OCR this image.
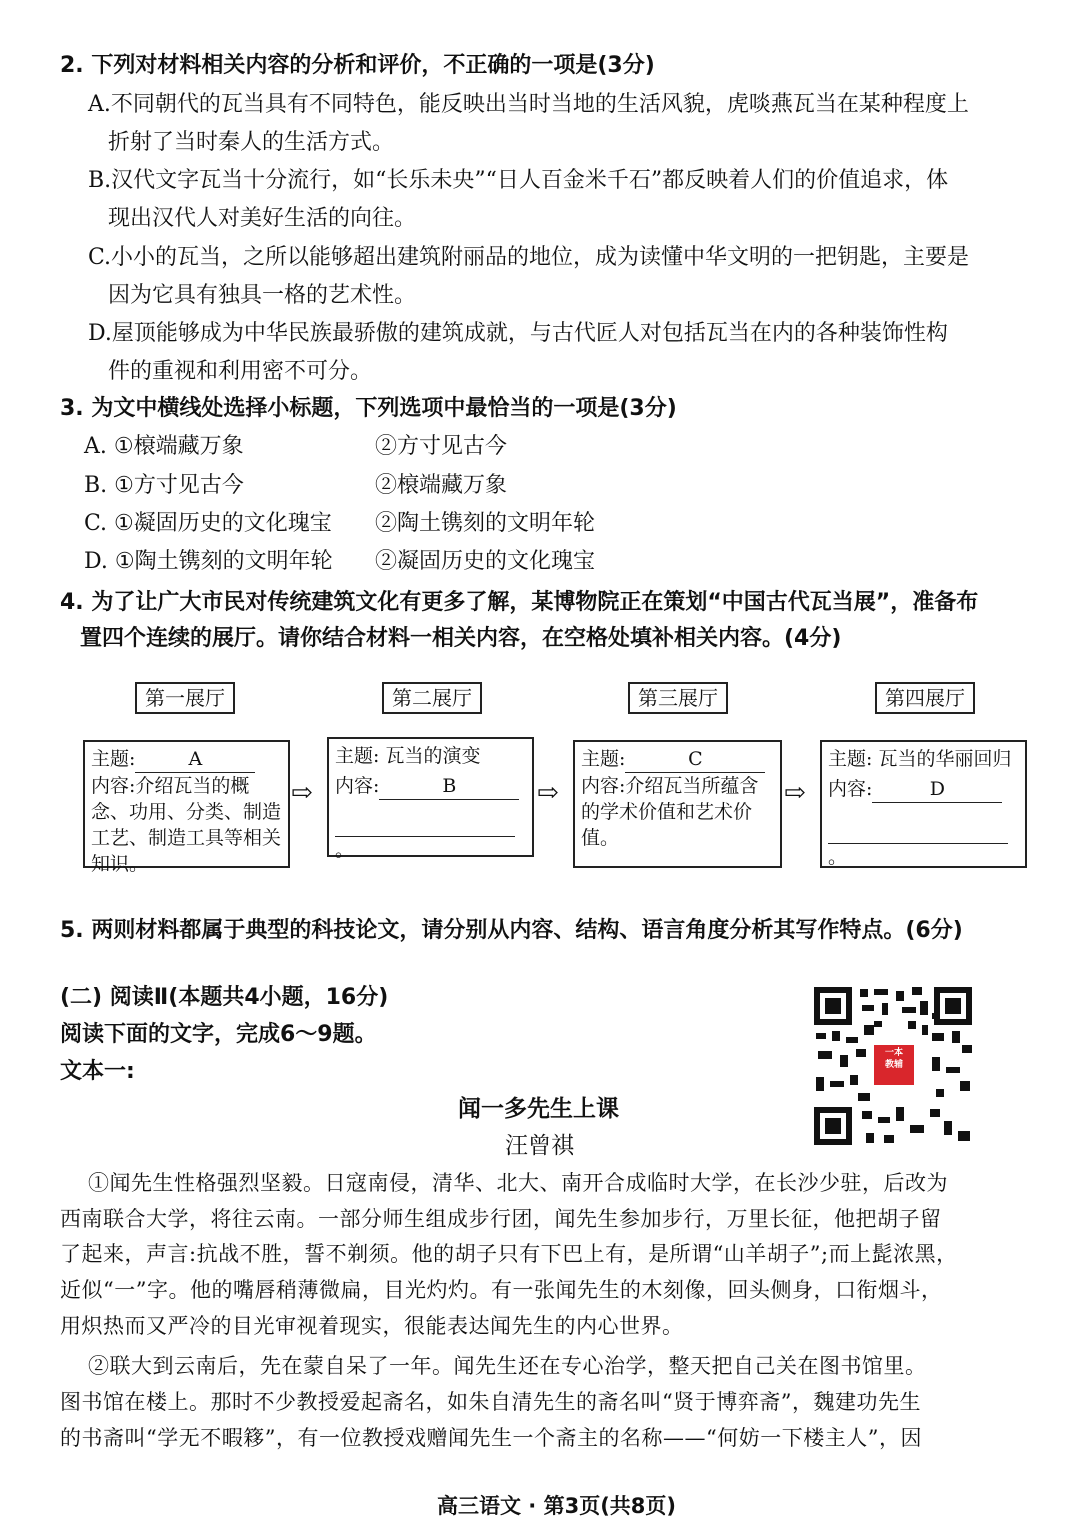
2. 下列对材料相关内容的分析和评价，不正确的一项是(3分)
A.不同朝代的瓦当具有不同特色，能反映出当时当地的生活风貌，虎啖燕瓦当在某种程度上
折射了当时秦人的生活方式。
B.汉代文字瓦当十分流行，如“长乐未央”“日人百金米千石”都反映着人们的价值追求，体
现出汉代人对美好生活的向往。
C.小小的瓦当，之所以能够超出建筑附丽品的地位，成为读懂中华文明的一把钥匙，主要是
因为它具有独具一格的艺术性。
D.屋顶能够成为中华民族最骄傲的建筑成就，与古代匠人对包括瓦当在内的各种装饰性构
件的重视和利用密不可分。
3. 为文中横线处选择小标题，下列选项中最恰当的一项是(3分)
A. ①榱端藏万象	②方寸见古今
B. ①方寸见古今	②榱端藏万象
C. ①凝固历史的文化瑰宝 ②陶土镌刻的文明年轮
D. ①陶土镌刻的文明年轮 ②凝固历史的文化瑰宝
4. 为了让广大市民对传统建筑文化有更多了解，某博物院正在策划“中国古代瓦当展”，准备布
置四个连续的展厅。请你结合材料一相关内容，在空格处填补相关内容。(4分)
第一展厅	第二展厅	第三展厅	第四展厅
主题:	A
内容:介绍瓦当的概念、功用、分类、制造工艺、制造工具等相关知识。
⇨
主题: 瓦当的演变
内容:	B
。
⇨
主题:	C
内容:介绍瓦当所蕴含的学术价值和艺术价值。
⇨
主题: 瓦当的华丽回归
内容:	D
。
5. 两则材料都属于典型的科技论文，请分别从内容、结构、语言角度分析其写作特点。(6分)
(二) 阅读Ⅱ(本题共4小题，16分)
阅读下面的文字，完成6～9题。
文本一:
一本
教辅
闻一多先生上课
汪曾祺
①闻先生性格强烈坚毅。日寇南侵，清华、北大、南开合成临时大学，在长沙少驻，后改为
西南联合大学，将往云南。一部分师生组成步行团，闻先生参加步行，万里长征，他把胡子留
了起来，声言:抗战不胜，誓不剃须。他的胡子只有下巴上有，是所谓“山羊胡子”;而上髭浓黑，
近似“一”字。他的嘴唇稍薄微扁，目光灼灼。有一张闻先生的木刻像，回头侧身，口衔烟斗，
用炽热而又严冷的目光审视着现实，很能表达闻先生的内心世界。
②联大到云南后，先在蒙自呆了一年。闻先生还在专心治学，整天把自己关在图书馆里。
图书馆在楼上。那时不少教授爱起斋名，如朱自清先生的斋名叫“贤于博弈斋”，魏建功先生
的书斋叫“学无不暇簃”，有一位教授戏赠闻先生一个斋主的名称——“何妨一下楼主人”，因
高三语文 · 第3页(共8页)
